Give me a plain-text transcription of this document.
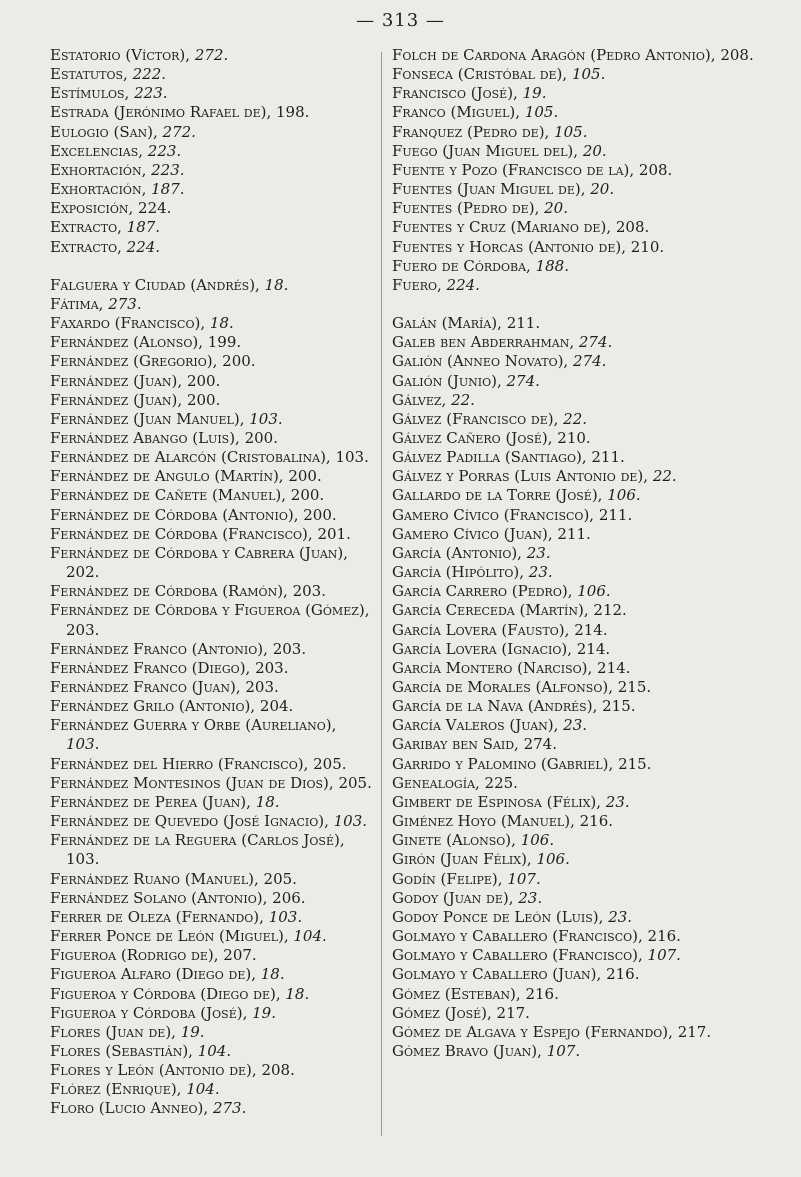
— 313 —
Estatorio (Víctor), 272.
Estatutos, 222.
Estímulos, 223.
Estrada (Jerónimo Rafael de), 198.
Eulogio (San), 272.
Excelencias, 223.
Exhortación, 223.
Exhortación, 187.
Exposición, 224.
Extracto, 187.
Extracto, 224.
Falguera y Ciudad (Andrés), 18.
Fátima, 273.
Faxardo (Francisco), 18.
Fernández (Alonso), 199.
Fernández (Gregorio), 200.
Fernández (Juan), 200.
Fernández (Juan), 200.
Fernández (Juan Manuel), 103.
Fernández Abango (Luis), 200.
Fernández de Alarcón (Cristobalina), 103.
Fernández de Angulo (Martín), 200.
Fernández de Cañete (Manuel), 200.
Fernández de Córdoba (Antonio), 200.
Fernández de Córdoba (Francisco), 201.
Fernández de Córdoba y Cabrera (Juan), 202.
Fernández de Córdoba (Ramón), 203.
Fernández de Córdoba y Figueroa (Gómez), 203.
Fernández Franco (Antonio), 203.
Fernández Franco (Diego), 203.
Fernández Franco (Juan), 203.
Fernández Grilo (Antonio), 204.
Fernández Guerra y Orbe (Aureliano), 103.
Fernández del Hierro (Francisco), 205.
Fernández Montesinos (Juan de Dios), 205.
Fernández de Perea (Juan), 18.
Fernández de Quevedo (José Ignacio), 103.
Fernández de la Reguera (Carlos José), 103.
Fernández Ruano (Manuel), 205.
Fernández Solano (Antonio), 206.
Ferrer de Oleza (Fernando), 103.
Ferrer Ponce de León (Miguel), 104.
Figueroa (Rodrigo de), 207.
Figueroa Alfaro (Diego de), 18.
Figueroa y Córdoba (Diego de), 18.
Figueroa y Córdoba (José), 19.
Flores (Juan de), 19.
Flores (Sebastián), 104.
Flores y León (Antonio de), 208.
Flórez (Enrique), 104.
Floro (Lucio Anneo), 273.
Folch de Cardona Aragón (Pedro Antonio), 208.
Fonseca (Cristóbal de), 105.
Francisco (José), 19.
Franco (Miguel), 105.
Franquez (Pedro de), 105.
Fuego (Juan Miguel del), 20.
Fuente y Pozo (Francisco de la), 208.
Fuentes (Juan Miguel de), 20.
Fuentes (Pedro de), 20.
Fuentes y Cruz (Mariano de), 208.
Fuentes y Horcas (Antonio de), 210.
Fuero de Córdoba, 188.
Fuero, 224.
Galán (María), 211.
Galeb ben Abderrahman, 274.
Galión (Anneo Novato), 274.
Galión (Junio), 274.
Gálvez, 22.
Gálvez (Francisco de), 22.
Gálvez Cañero (José), 210.
Gálvez Padilla (Santiago), 211.
Gálvez y Porras (Luis Antonio de), 22.
Gallardo de la Torre (José), 106.
Gamero Cívico (Francisco), 211.
Gamero Cívico (Juan), 211.
García (Antonio), 23.
García (Hipólito), 23.
García Carrero (Pedro), 106.
García Cereceda (Martín), 212.
García Lovera (Fausto), 214.
García Lovera (Ignacio), 214.
García Montero (Narciso), 214.
García de Morales (Alfonso), 215.
García de la Nava (Andrés), 215.
García Valeros (Juan), 23.
Garibay ben Said, 274.
Garrido y Palomino (Gabriel), 215.
Genealogía, 225.
Gimbert de Espinosa (Félix), 23.
Giménez Hoyo (Manuel), 216.
Ginete (Alonso), 106.
Girón (Juan Félix), 106.
Godín (Felipe), 107.
Godoy (Juan de), 23.
Godoy Ponce de León (Luis), 23.
Golmayo y Caballero (Francisco), 216.
Golmayo y Caballero (Francisco), 107.
Golmayo y Caballero (Juan), 216.
Gómez (Esteban), 216.
Gómez (José), 217.
Gómez de Algava y Espejo (Fernando), 217.
Gómez Bravo (Juan), 107.
